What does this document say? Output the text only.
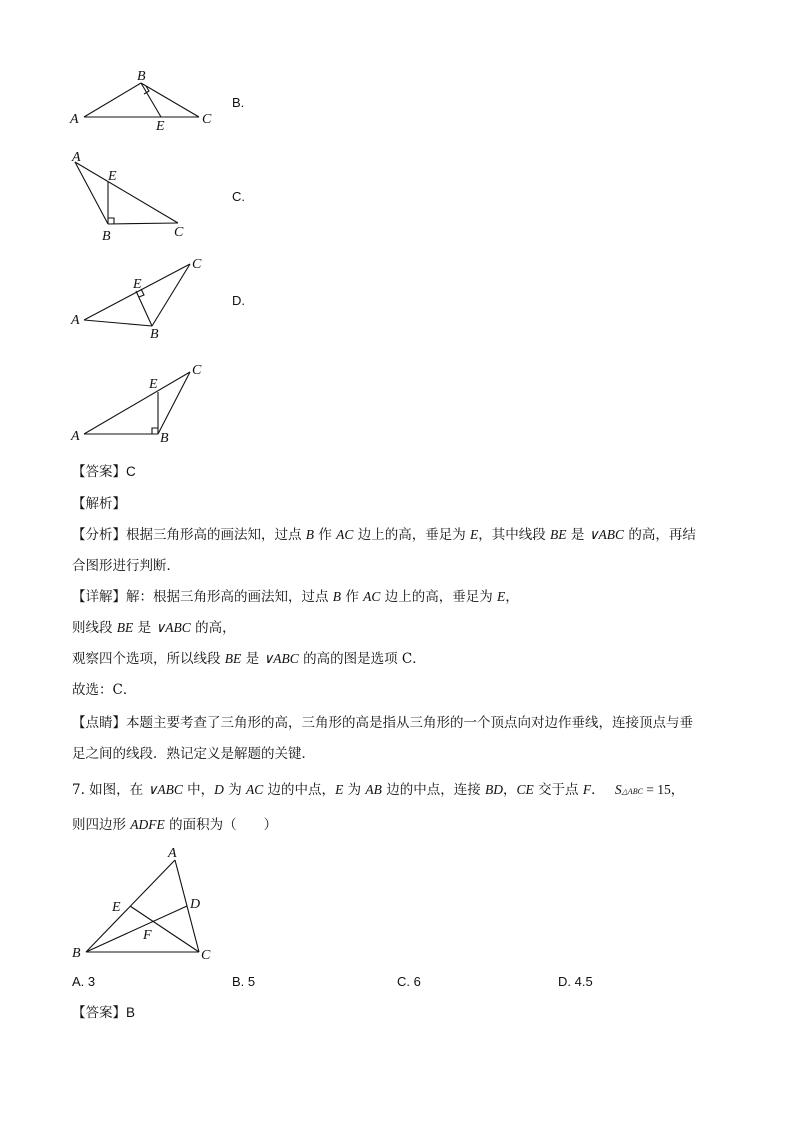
A
B
C
E
B.
A
B	C
E
C.
A
B
C
E
D.
A	B
C
E
【答案】C
【解析】
【分析】根据三角形高的画法知，过点 B 作 AC 边上的高，垂足为 E，其中线段 BE 是 ∨ABC 的高，再结
合图形进行判断．
【详解】解：根据三角形高的画法知，过点 B 作 AC 边上的高，垂足为 E，
则线段 BE 是 ∨ABC 的高，
观察四个选项，所以线段 BE 是 ∨ABC 的高的图是选项 C．
故选：C．
【点睛】本题主要考查了三角形的高，三角形的高是指从三角形的一个顶点向对边作垂线，连接顶点与垂
足之间的线段．熟记定义是解题的关键．
7. 如图，在 ∨ABC 中，D 为 AC 边的中点，E 为 AB 边的中点，连接 BD，CE 交于点 F． S△ABC = 15，
则四边形 ADFE 的面积为（　　）
A
B	C
D
E
F
A. 3	B. 5	C. 6	D. 4.5
【答案】B
